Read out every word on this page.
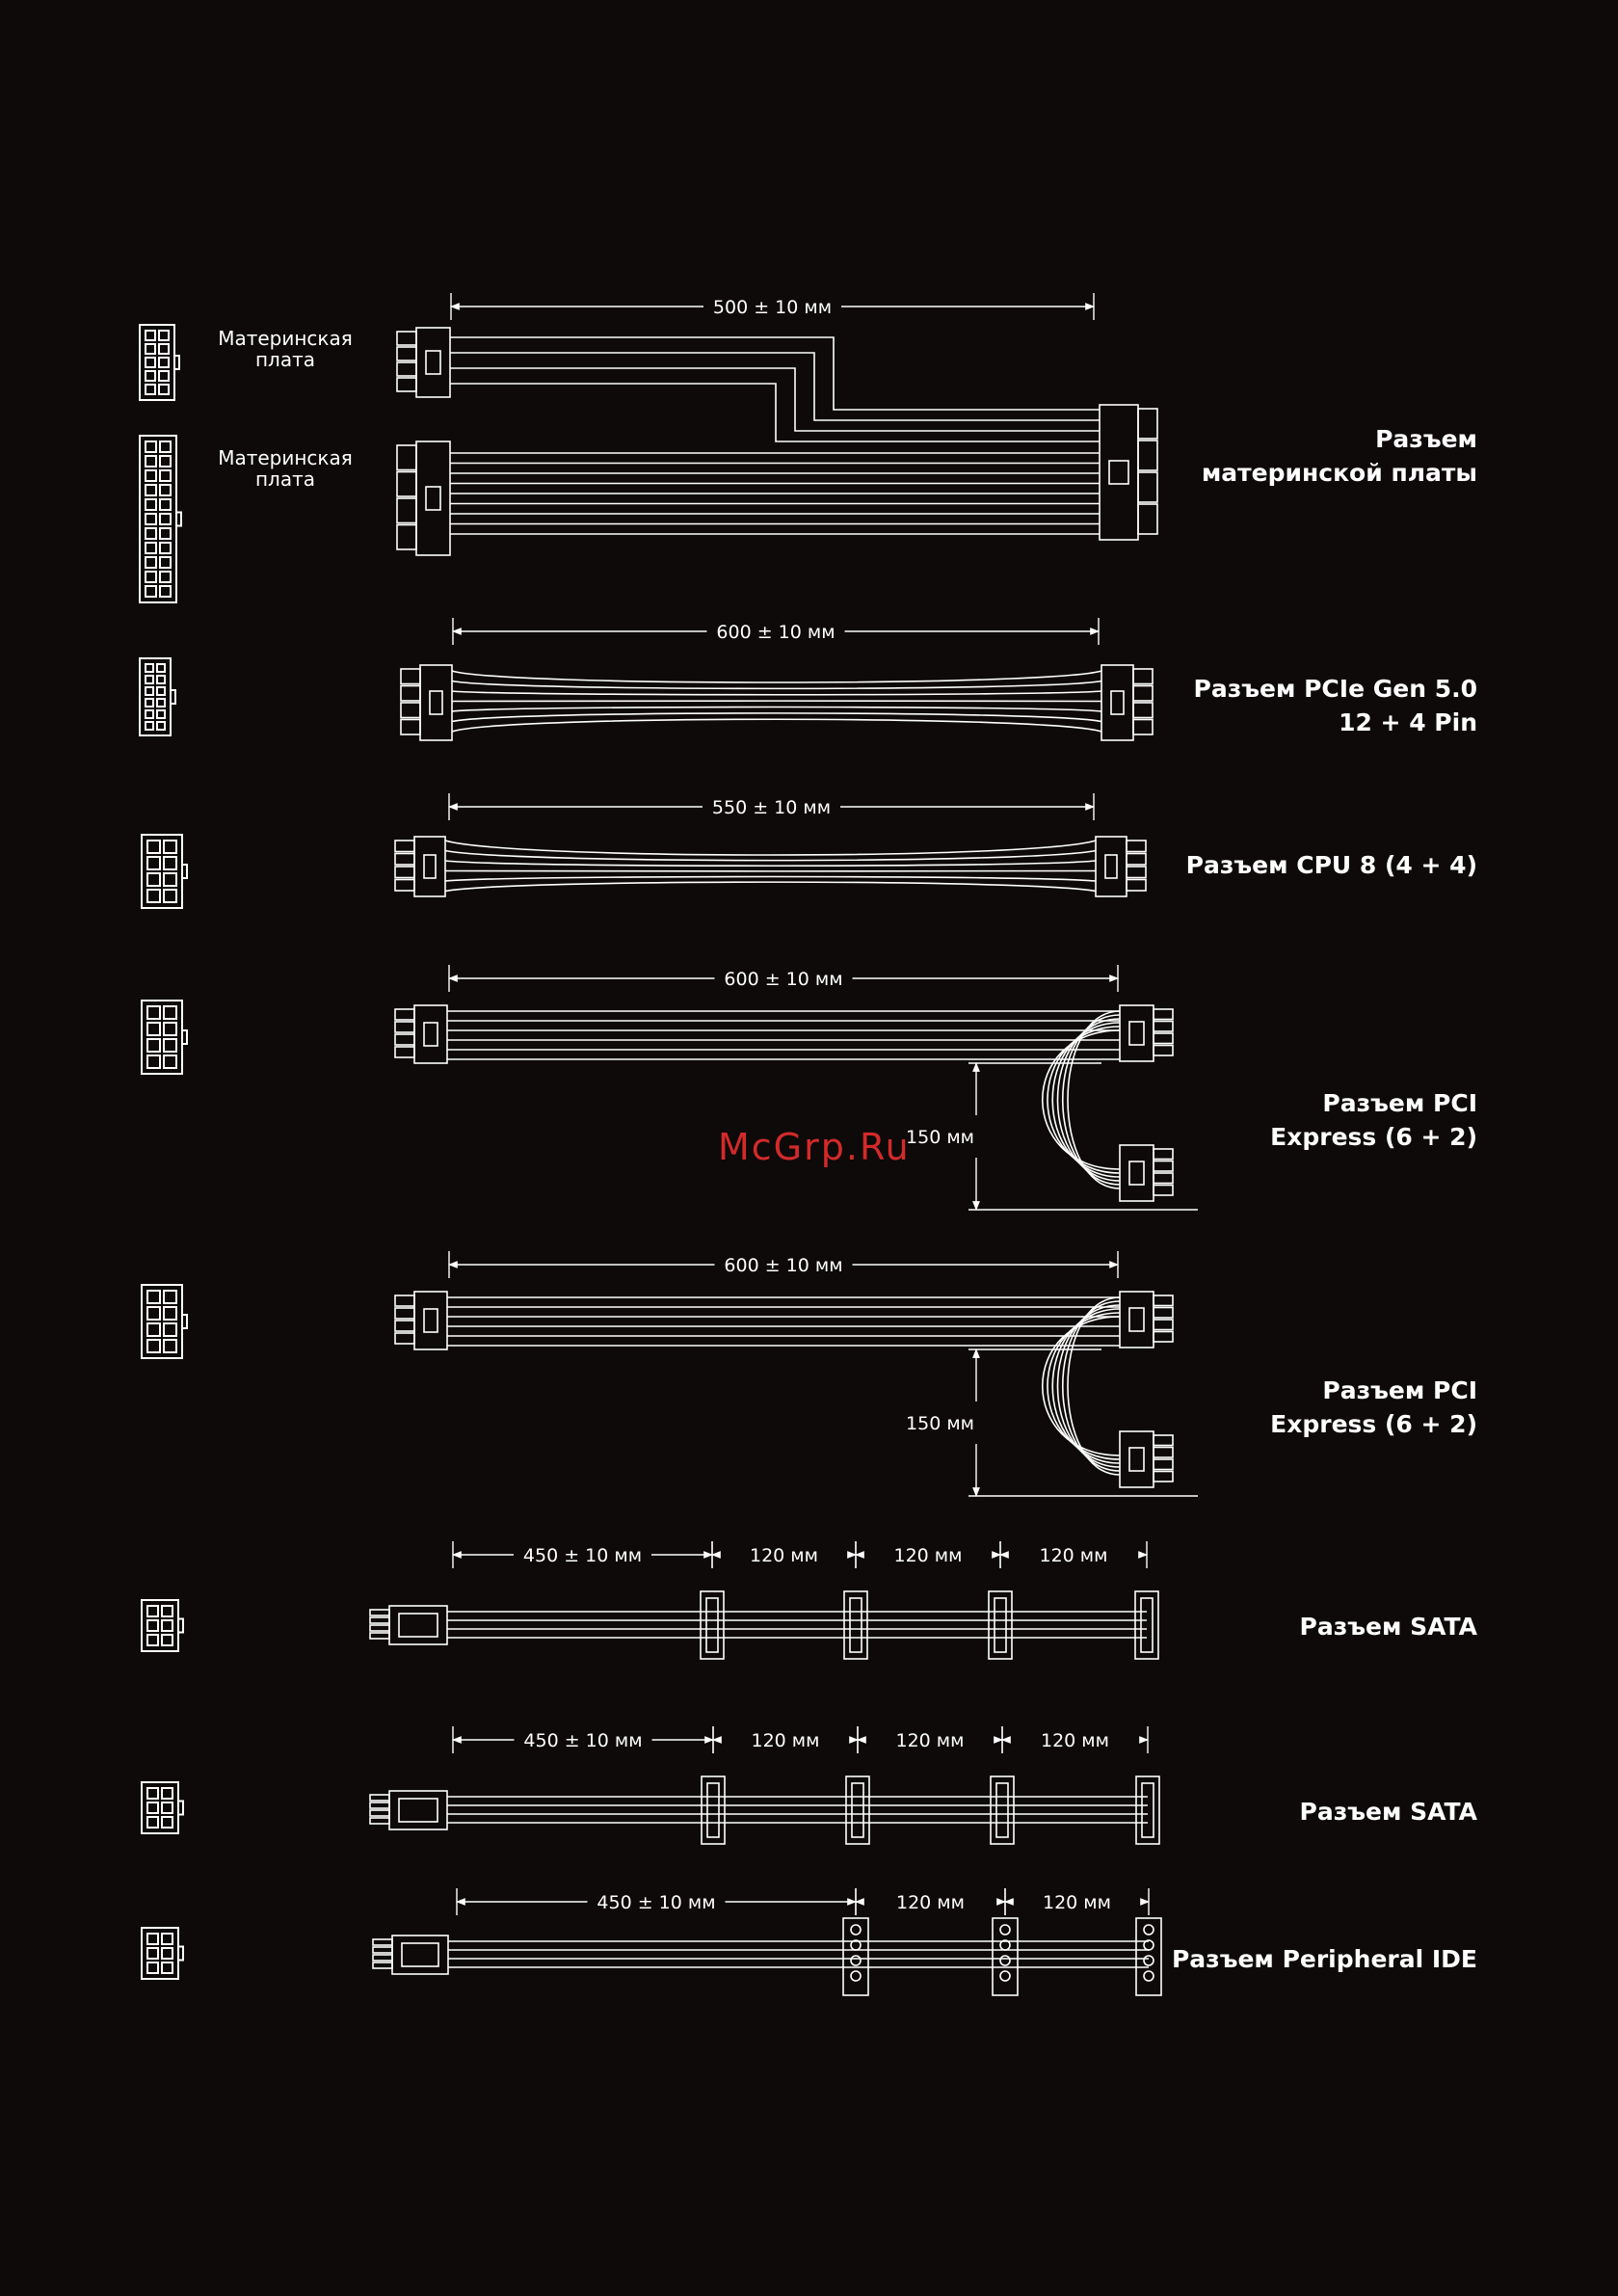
500 ± 10 мм
600 ± 10 мм
550 ± 10 мм
600 ± 10 мм
150 мм
600 ± 10 мм
150 мм
450 ± 10 мм	120 мм	120 мм	120 мм
450 ± 10 мм	120 мм	120 мм	120 мм
450 ± 10 мм	120 мм	120 мм
Материнская
плата
Материнская
плата
Разъем
материнской платы
Разъем PCIe Gen 5.0
12 + 4 Pin
Разъем CPU 8 (4 + 4)
Разъем PCI
Express (6 + 2)
Разъем PCI
Express (6 + 2)
Разъем SATA
Разъем SATA
Разъем Peripheral IDE
McGrp.Ru
